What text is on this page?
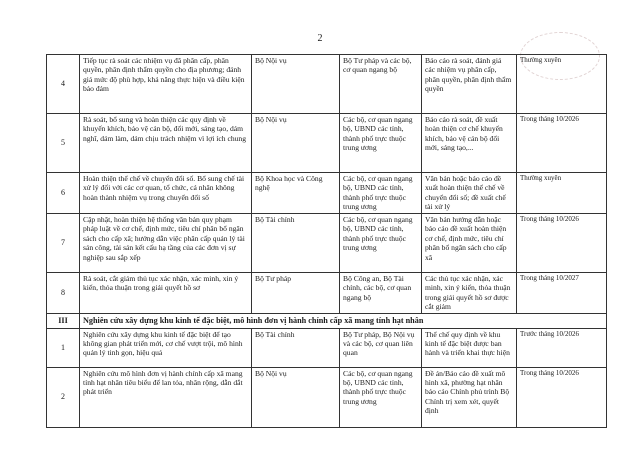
2
4	Tiếp tục rà soát các nhiệm vụ đã phân cấp, phân quyền, phân định thẩm quyền cho địa phương; đánh giá mức độ phù hợp, khả năng thực hiện và điều kiện bảo đảm	Bộ Nội vụ	Bộ Tư pháp và các bộ, cơ quan ngang bộ	Báo cáo rà soát, đánh giá các nhiệm vụ phân cấp, phân quyền, phân định thẩm quyền	Thường xuyên
5	Rà soát, bổ sung và hoàn thiện các quy định về khuyến khích, bảo vệ cán bộ, đổi mới, sáng tạo, dám nghĩ, dám làm, dám chịu trách nhiệm vì lợi ích chung	Bộ Nội vụ	Các bộ, cơ quan ngang bộ, UBND các tỉnh, thành phố trực thuộc trung ương	Báo cáo rà soát, đề xuất hoàn thiện cơ chế khuyến khích, bảo vệ cán bộ đổi mới, sáng tạo,...	Trong tháng 10/2026
6	Hoàn thiện thể chế về chuyển đổi số. Bổ sung chế tài xử lý đối với các cơ quan, tổ chức, cá nhân không hoàn thành nhiệm vụ trong chuyển đổi số	Bộ Khoa học và Công nghệ	Các bộ, cơ quan ngang bộ, UBND các tỉnh, thành phố trực thuộc trung ương	Văn bản hoặc báo cáo đề xuất hoàn thiện thể chế về chuyển đổi số; đề xuất chế tài xử lý	Thường xuyên
7	Cập nhật, hoàn thiện hệ thống văn bản quy phạm pháp luật về cơ chế, định mức, tiêu chí phân bổ ngân sách cho cấp xã; hướng dẫn việc phân cấp quản lý tài sản công, tài sản kết cấu hạ tầng của các đơn vị sự nghiệp sau sắp xếp	Bộ Tài chính	Các bộ, cơ quan ngang bộ, UBND các tỉnh, thành phố trực thuộc trung ương	Văn bản hướng dẫn hoặc báo cáo đề xuất hoàn thiện cơ chế, định mức, tiêu chí phân bổ ngân sách cho cấp xã	Trong tháng 10/2026
8	Rà soát, cắt giảm thủ tục xác nhận, xác minh, xin ý kiến, thỏa thuận trong giải quyết hồ sơ	Bộ Tư pháp	Bộ Công an, Bộ Tài chính, các bộ, cơ quan ngang bộ	Các thủ tục xác nhận, xác minh, xin ý kiến, thỏa thuận trong giải quyết hồ sơ được cắt giảm	Trong tháng 10/2027
III	Nghiên cứu xây dựng khu kinh tế đặc biệt, mô hình đơn vị hành chính cấp xã mang tính hạt nhân				
1	Nghiên cứu xây dựng khu kinh tế đặc biệt để tạo không gian phát triển mới, cơ chế vượt trội, mô hình quản lý tinh gọn, hiệu quả	Bộ Tài chính	Bộ Tư pháp, Bộ Nội vụ và các bộ, cơ quan liên quan	Thể chế quy định về khu kinh tế đặc biệt được ban hành và triển khai thực hiện	Trước tháng 10/2026
2	Nghiên cứu mô hình đơn vị hành chính cấp xã mang tính hạt nhân tiêu biểu để lan tỏa, nhân rộng, dẫn dắt phát triển	Bộ Nội vụ	Các bộ, cơ quan ngang bộ, UBND các tỉnh, thành phố trực thuộc trung ương	Đề án/Báo cáo đề xuất mô hình xã, phường hạt nhân báo cáo Chính phủ trình Bộ Chính trị xem xét, quyết định	Trong tháng 10/2026
